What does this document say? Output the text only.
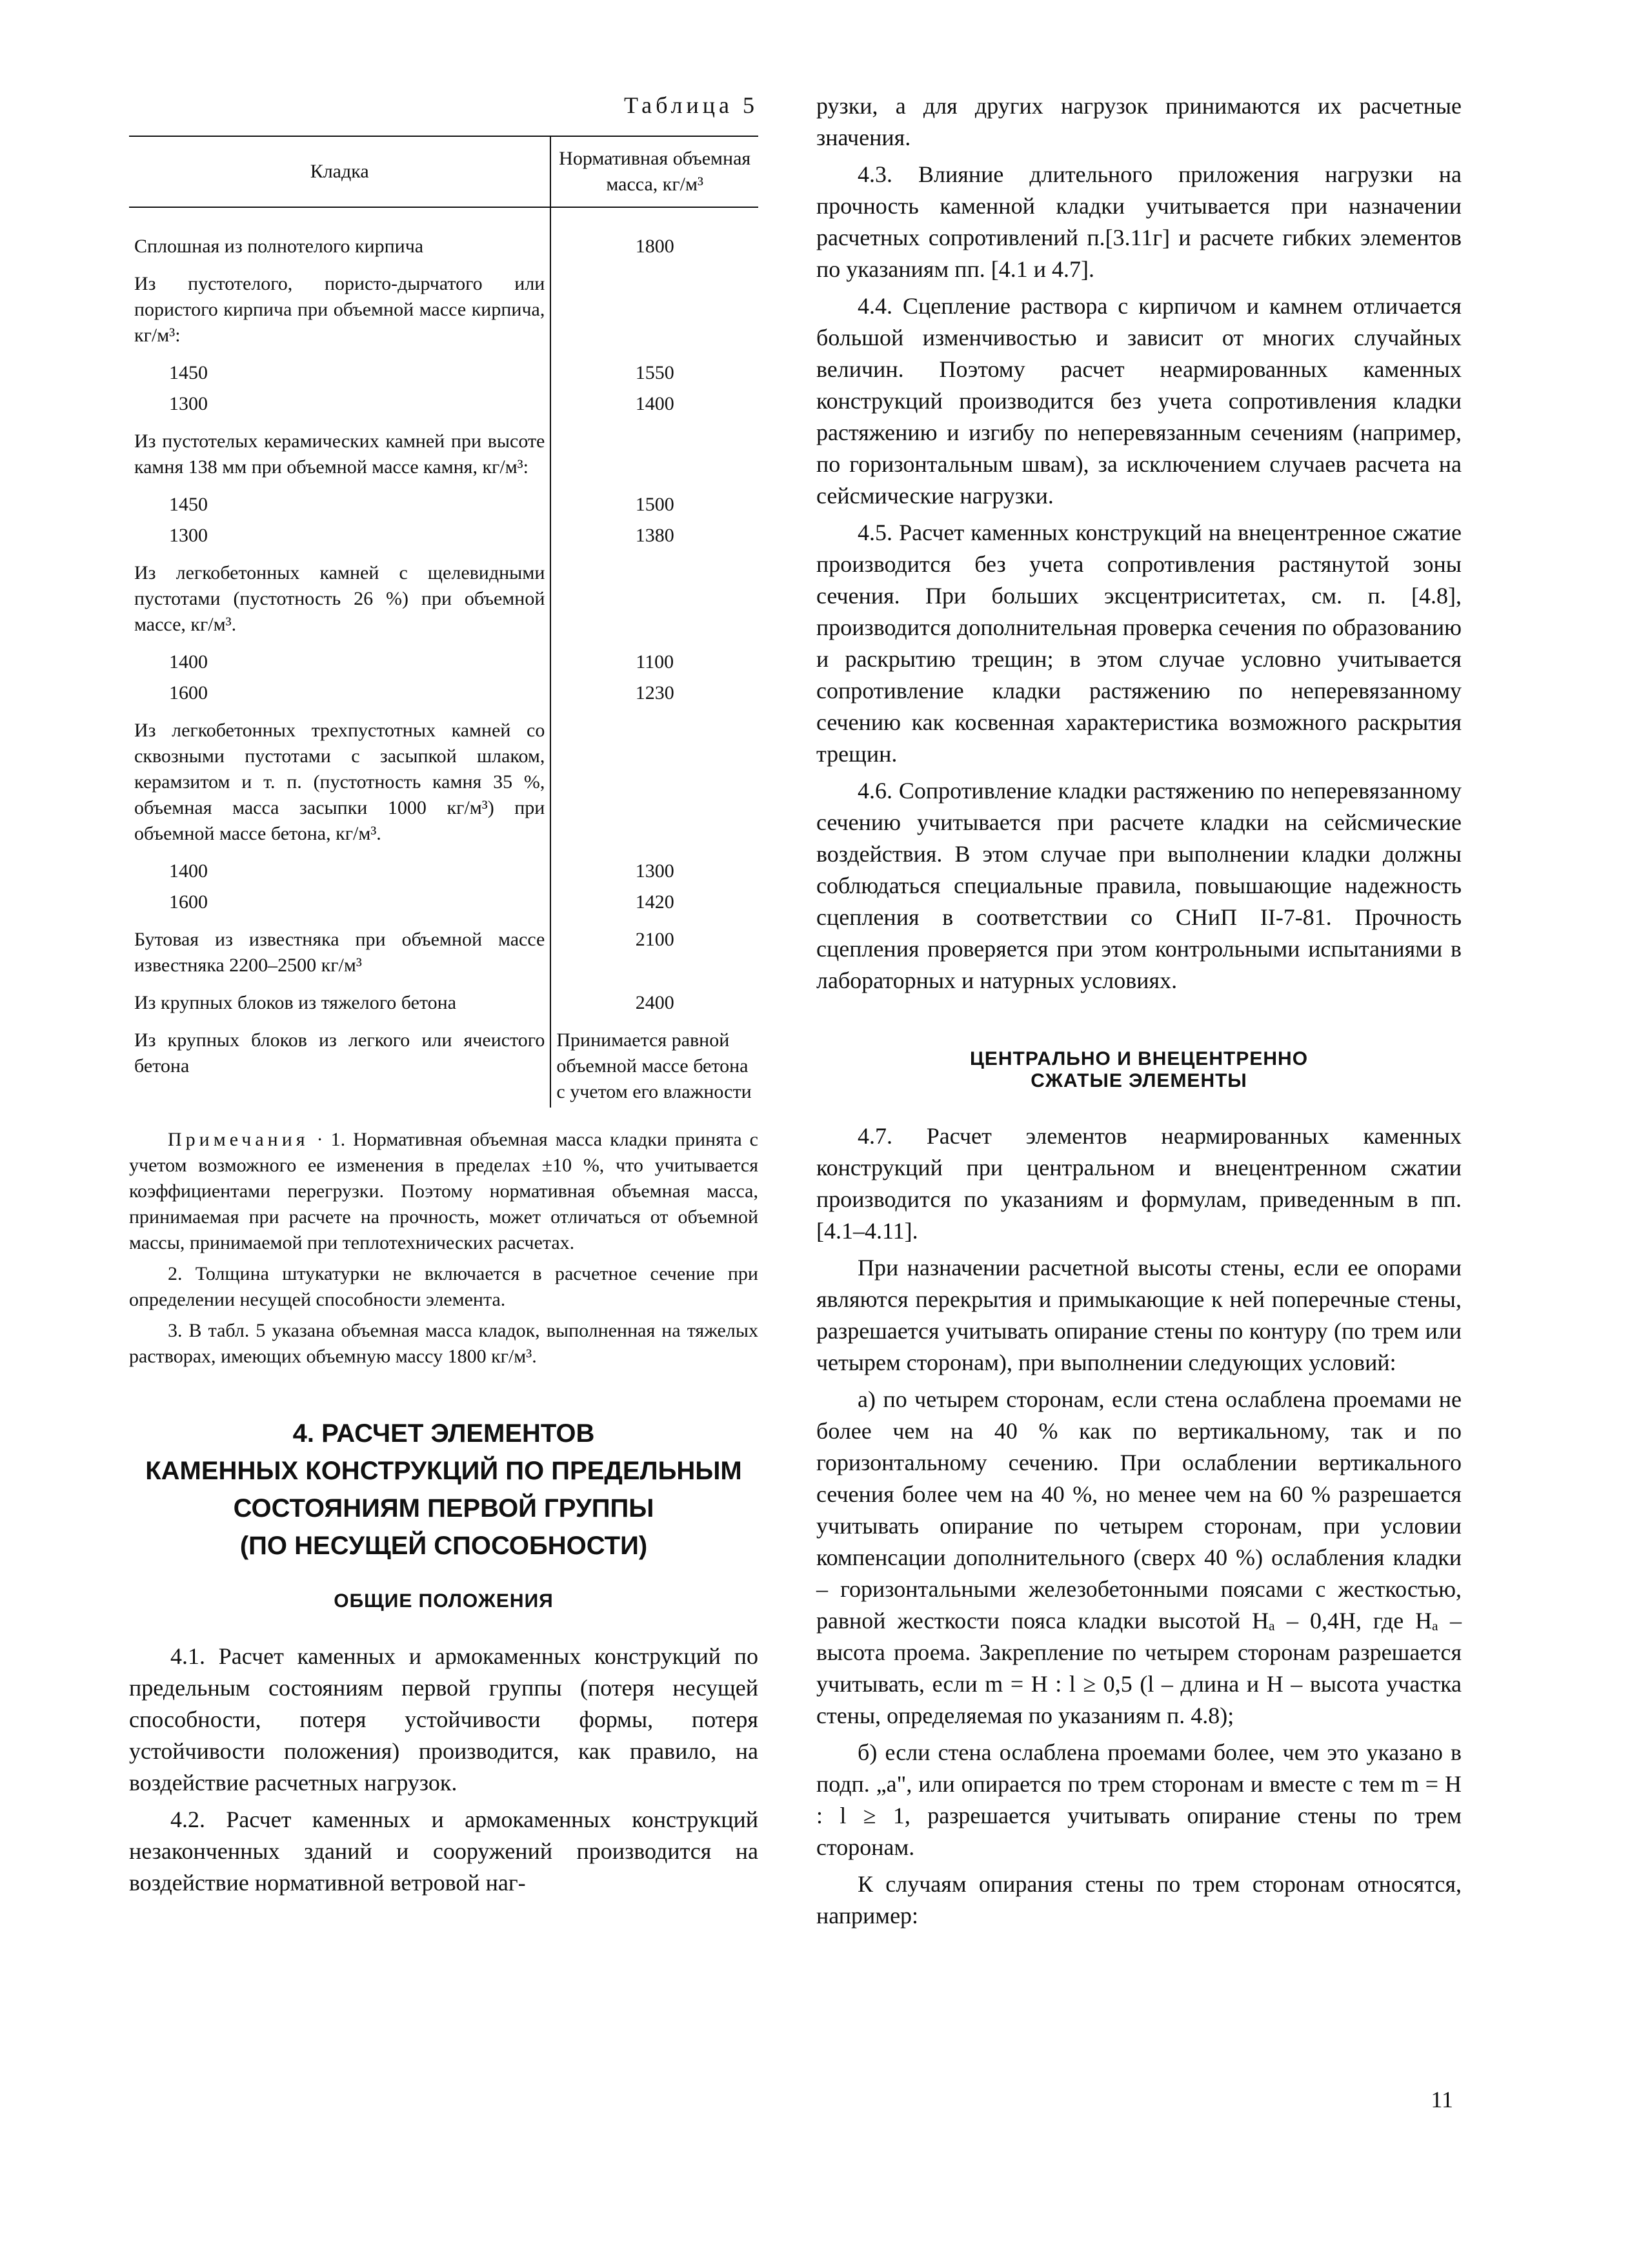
Таблица 5
Кладка	Нормативная объемная масса, кг/м³
Сплошная из полнотелого кирпича	1800
Из пустотелого, пористо-дырчатого или пористого кирпича при объемной массе кирпича, кг/м³:	
1450	1550
1300	1400
Из пустотелых керамических камней при высоте камня 138 мм при объемной массе камня, кг/м³:	
1450	1500
1300	1380
Из легкобетонных камней с щелевидными пустотами (пустотность 26 %) при объемной массе, кг/м³.	
1400	1100
1600	1230
Из легкобетонных трехпустотных камней со сквозными пустотами с засыпкой шлаком, керамзитом и т. п. (пустотность камня 35 %, объемная масса засыпки 1000 кг/м³) при объемной массе бетона, кг/м³.	
1400	1300
1600	1420
Бутовая из известняка при объемной массе известняка 2200–2500 кг/м³	2100
Из крупных блоков из тяжелого бетона	2400
Из крупных блоков из легкого или ячеистого бетона	Принимается равной объемной массе бетона с учетом его влажности

Примечания · 1. Нормативная объемная масса кладки принята с учетом возможного ее изменения в пределах ±10 %, что учитывается коэффициентами перегрузки. Поэтому нормативная объемная масса, принимаемая при расчете на прочность, может отличаться от объемной массы, принимаемой при теплотехнических расчетах.

2. Толщина штукатурки не включается в расчетное сечение при определении несущей способности элемента.

3. В табл. 5 указана объемная масса кладок, выполненная на тяжелых растворах, имеющих объемную массу 1800 кг/м³.

4. РАСЧЕТ ЭЛЕМЕНТОВ
КАМЕННЫХ КОНСТРУКЦИЙ ПО ПРЕДЕЛЬНЫМ
СОСТОЯНИЯМ ПЕРВОЙ ГРУППЫ
(ПО НЕСУЩЕЙ СПОСОБНОСТИ)
ОБЩИЕ ПОЛОЖЕНИЯ

4.1. Расчет каменных и армокаменных конструкций по предельным состояниям первой группы (потеря несущей способности, потеря устойчивости формы, потеря устойчивости положения) производится, как правило, на воздействие расчетных нагрузок.

4.2. Расчет каменных и армокаменных конструкций незаконченных зданий и сооружений производится на воздействие нормативной ветровой наг-

рузки, а для других нагрузок принимаются их расчетные значения.

4.3. Влияние длительного приложения нагрузки на прочность каменной кладки учитывается при назначении расчетных сопротивлений п.[3.11г] и расчете гибких элементов по указаниям пп. [4.1 и 4.7].

4.4. Сцепление раствора с кирпичом и камнем отличается большой изменчивостью и зависит от многих случайных величин. Поэтому расчет неармированных каменных конструкций производится без учета сопротивления кладки растяжению и изгибу по неперевязанным сечениям (например, по горизонтальным швам), за исключением случаев расчета на сейсмические нагрузки.

4.5. Расчет каменных конструкций на внецентренное сжатие производится без учета сопротивления растянутой зоны сечения. При больших эксцентриситетах, см. п. [4.8], производится дополнительная проверка сечения по образованию и раскрытию трещин; в этом случае условно учитывается сопротивление кладки растяжению по неперевязанному сечению как косвенная характеристика возможного раскрытия трещин.

4.6. Сопротивление кладки растяжению по неперевязанному сечению учитывается при расчете кладки на сейсмические воздействия. В этом случае при выполнении кладки должны соблюдаться специальные правила, повышающие надежность сцепления в соответствии со СНиП II-7-81. Прочность сцепления проверяется при этом контрольными испытаниями в лабораторных и натурных условиях.

ЦЕНТРАЛЬНО И ВНЕЦЕНТРЕННО
СЖАТЫЕ ЭЛЕМЕНТЫ

4.7. Расчет элементов неармированных каменных конструкций при центральном и внецентренном сжатии производится по указаниям и формулам, приведенным в пп. [4.1–4.11].

При назначении расчетной высоты стены, если ее опорами являются перекрытия и примыкающие к ней поперечные стены, разрешается учитывать опирание стены по контуру (по трем или четырем сторонам), при выполнении следующих условий:

а) по четырем сторонам, если стена ослаблена проемами не более чем на 40 % как по вертикальному, так и по горизонтальному сечению. При ослаблении вертикального сечения более чем на 40 %, но менее чем на 60 % разрешается учитывать опирание по четырем сторонам, при условии компенсации дополнительного (сверх 40 %) ослабления кладки – горизонтальными железобетонными поясами с жесткостью, равной жесткости пояса кладки высотой Hₐ – 0,4H, где Hₐ – высота проема. Закрепление по четырем сторонам разрешается учитывать, если m = H : l ≥ 0,5 (l – длина и H – высота участка стены, определяемая по указаниям п. 4.8);

б) если стена ослаблена проемами более, чем это указано в подп. „а", или опирается по трем сторонам и вместе с тем m = H : l ≥ 1, разрешается учитывать опирание стены по трем сторонам.

К случаям опирания стены по трем сторонам относятся, например:

11
